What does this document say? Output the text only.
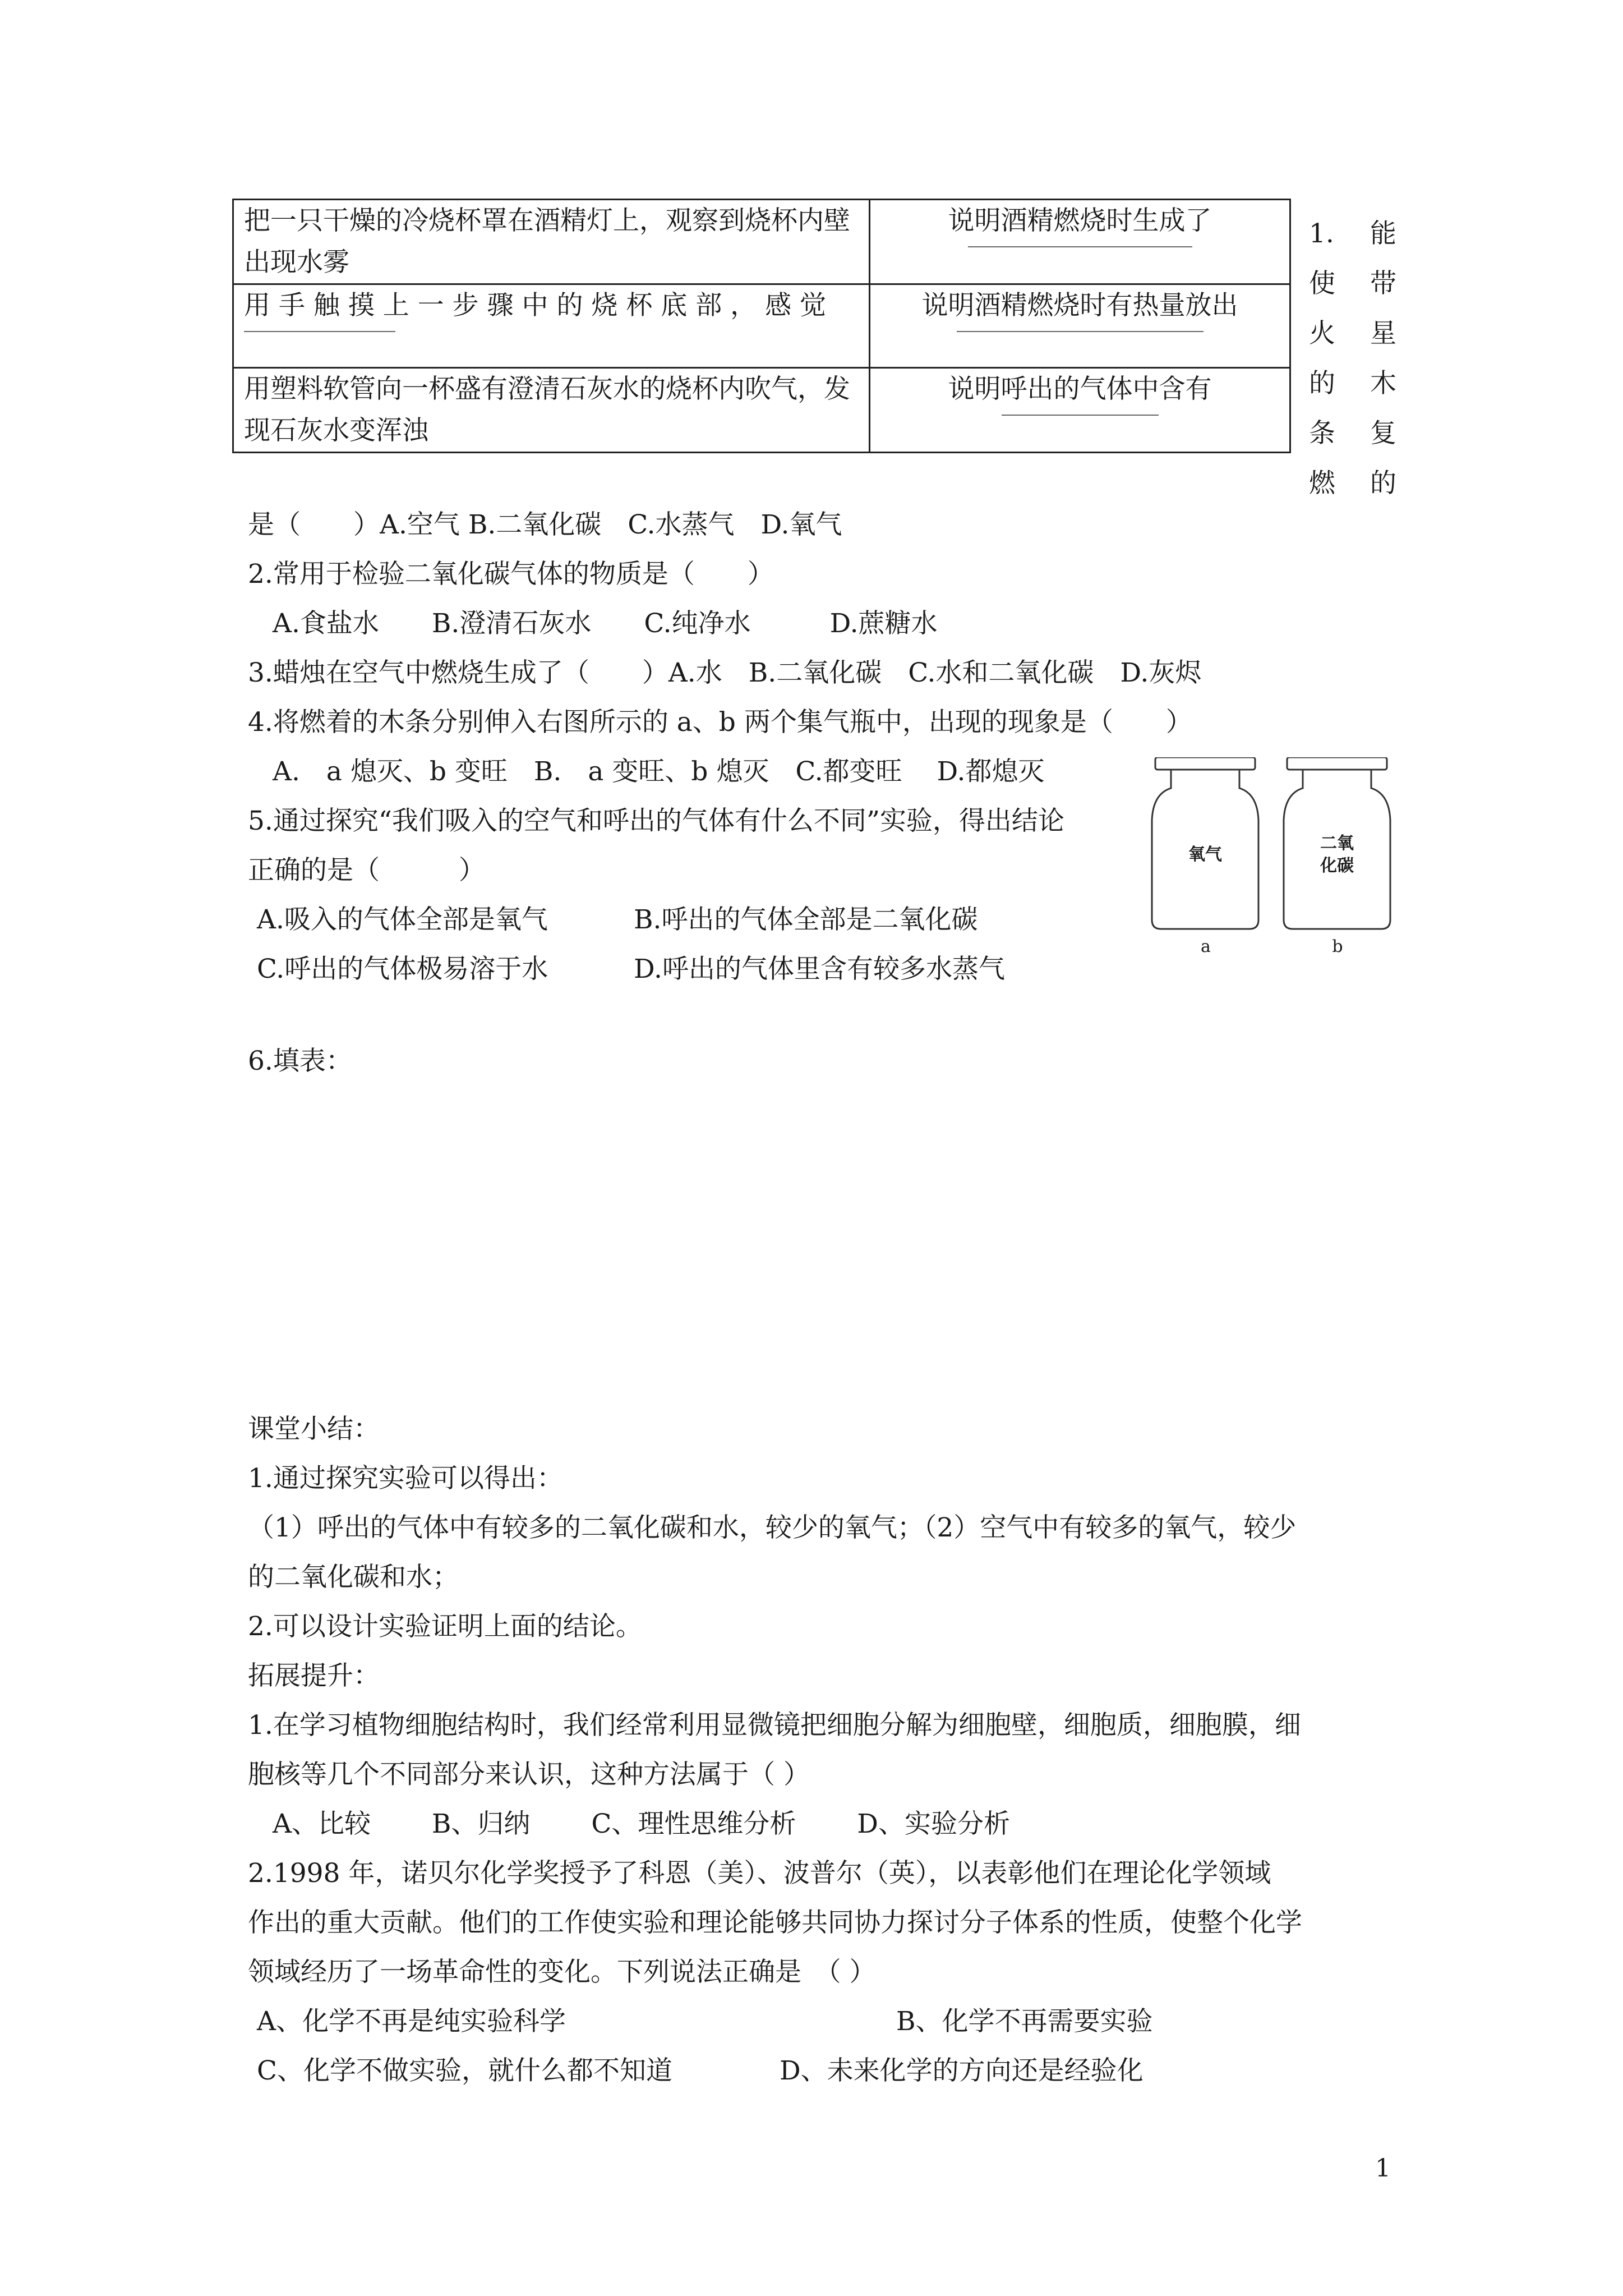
把一只干燥的冷烧杯罩在酒精灯上，观察到烧杯内壁出现水雾	说明酒精燃烧时生成了

用 手 触 摸 上 一 步 骤 中 的 烧 杯 底 部 ， 感 觉	说明酒精燃烧时有热量放出

用塑料软管向一杯盛有澄清石灰水的烧杯内吹气，发现石灰水变浑浊	说明呼出的气体中含有
1. 能
使 带
火 星
的 木
条 复
燃 的
是（　　）A.空气 B.二氧化碳　C.水蒸气　D.氧气
2.常用于检验二氧化碳气体的物质是（　　）
A.食盐水　　B.澄清石灰水　　C.纯净水　　　D.蔗糖水
3.蜡烛在空气中燃烧生成了（　　）A.水　B.二氧化碳　C.水和二氧化碳　D.灰烬
4.将燃着的木条分别伸入右图所示的 a、b 两个集气瓶中，出现的现象是（　　）
A.　a 熄灭、b 变旺　B.　a 变旺、b 熄灭　C.都变旺　 D.都熄灭
5.通过探究“我们吸入的空气和呼出的气体有什么不同”实验，得出结论
正确的是（　　　）
A.吸入的气体全部是氧气	B.呼出的气体全部是二氧化碳
C.呼出的气体极易溶于水	D.呼出的气体里含有较多水蒸气
6.填表：
氧气
二氧
化碳
a	b
课堂小结：
1.通过探究实验可以得出：
（1）呼出的气体中有较多的二氧化碳和水，较少的氧气；（2）空气中有较多的氧气，较少
的二氧化碳和水；
2.可以设计实验证明上面的结论。
拓展提升：
1.在学习植物细胞结构时，我们经常利用显微镜把细胞分解为细胞壁，细胞质，细胞膜，细
胞核等几个不同部分来认识，这种方法属于（ ）
A、比较　　 B、归纳　　 C、理性思维分析　　 D、实验分析
2.1998 年，诺贝尔化学奖授予了科恩（美）、波普尔（英），以表彰他们在理论化学领域
作出的重大贡献。他们的工作使实验和理论能够共同协力探讨分子体系的性质，使整个化学
领域经历了一场革命性的变化。下列说法正确是　（ ）
A、化学不再是纯实验科学	B、化学不再需要实验
C、化学不做实验，就什么都不知道	D、未来化学的方向还是经验化
1
